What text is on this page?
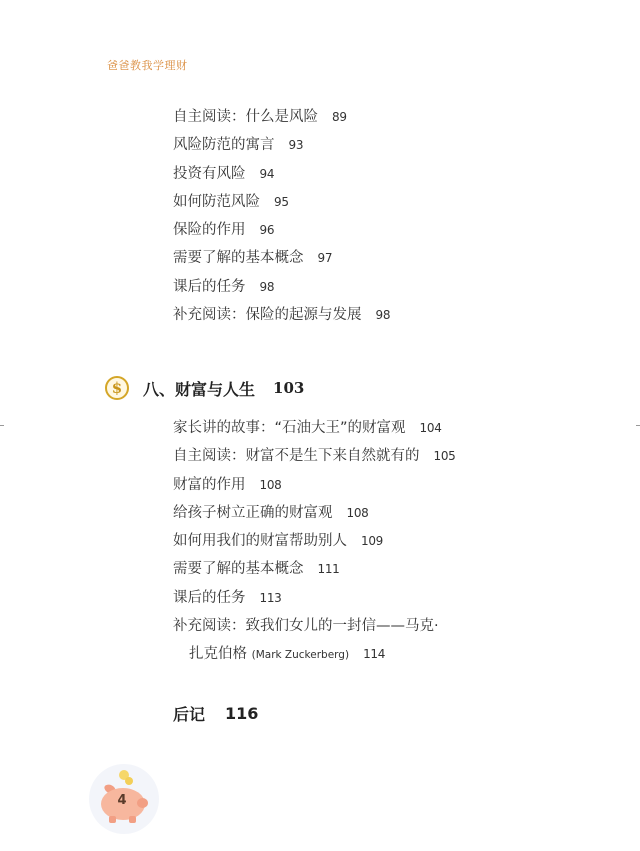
爸爸教我学理财
自主阅读：什么是风险 89
风险防范的寓言 93
投资有风险 94
如何防范风险 95
保险的作用 96
需要了解的基本概念 97
课后的任务 98
补充阅读：保险的起源与发展 98
$	八、财富与人生 103
家长讲的故事：“石油大王”的财富观 104
自主阅读：财富不是生下来自然就有的 105
财富的作用 108
给孩子树立正确的财富观 108
如何用我们的财富帮助别人 109
需要了解的基本概念 111
课后的任务 113
补充阅读：致我们女儿的一封信——马克·
扎克伯格 (Mark Zuckerberg) 114
后记 116
4
